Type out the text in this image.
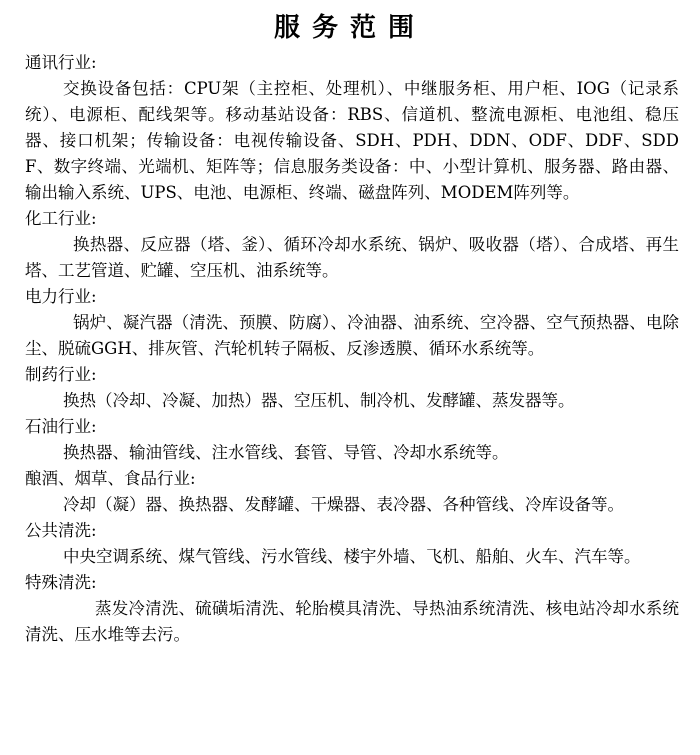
服务范围

通讯行业:

交换设备包括：CPU架（主控柜、处理机）、中继服务柜、用户柜、IOG（记录系统）、电源柜、配线架等。移动基站设备：RBS、信道机、整流电源柜、电池组、稳压器、接口机架；传输设备：电视传输设备、SDH、PDH、DDN、ODF、DDF、SDDF、数字终端、光端机、矩阵等；信息服务类设备：中、小型计算机、服务器、路由器、输出输入系统、UPS、电池、电源柜、终端、磁盘阵列、MODEM阵列等。

化工行业:

换热器、反应器（塔、釜）、循环冷却水系统、锅炉、吸收器（塔）、合成塔、再生塔、工艺管道、贮罐、空压机、油系统等。

电力行业:

锅炉、凝汽器（清洗、预膜、防腐）、冷油器、油系统、空冷器、空气预热器、电除尘、脱硫GGH、排灰管、汽轮机转子隔板、反渗透膜、循环水系统等。

制药行业:

换热（冷却、冷凝、加热）器、空压机、制冷机、发酵罐、蒸发器等。

石油行业:

换热器、输油管线、注水管线、套管、导管、冷却水系统等。

酿酒、烟草、食品行业:

冷却（凝）器、换热器、发酵罐、干燥器、表冷器、各种管线、冷库设备等。

公共清洗:

中央空调系统、煤气管线、污水管线、楼宇外墙、飞机、船舶、火车、汽车等。

特殊清洗:

蒸发冷清洗、硫磺垢清洗、轮胎模具清洗、导热油系统清洗、核电站冷却水系统清洗、压水堆等去污。
